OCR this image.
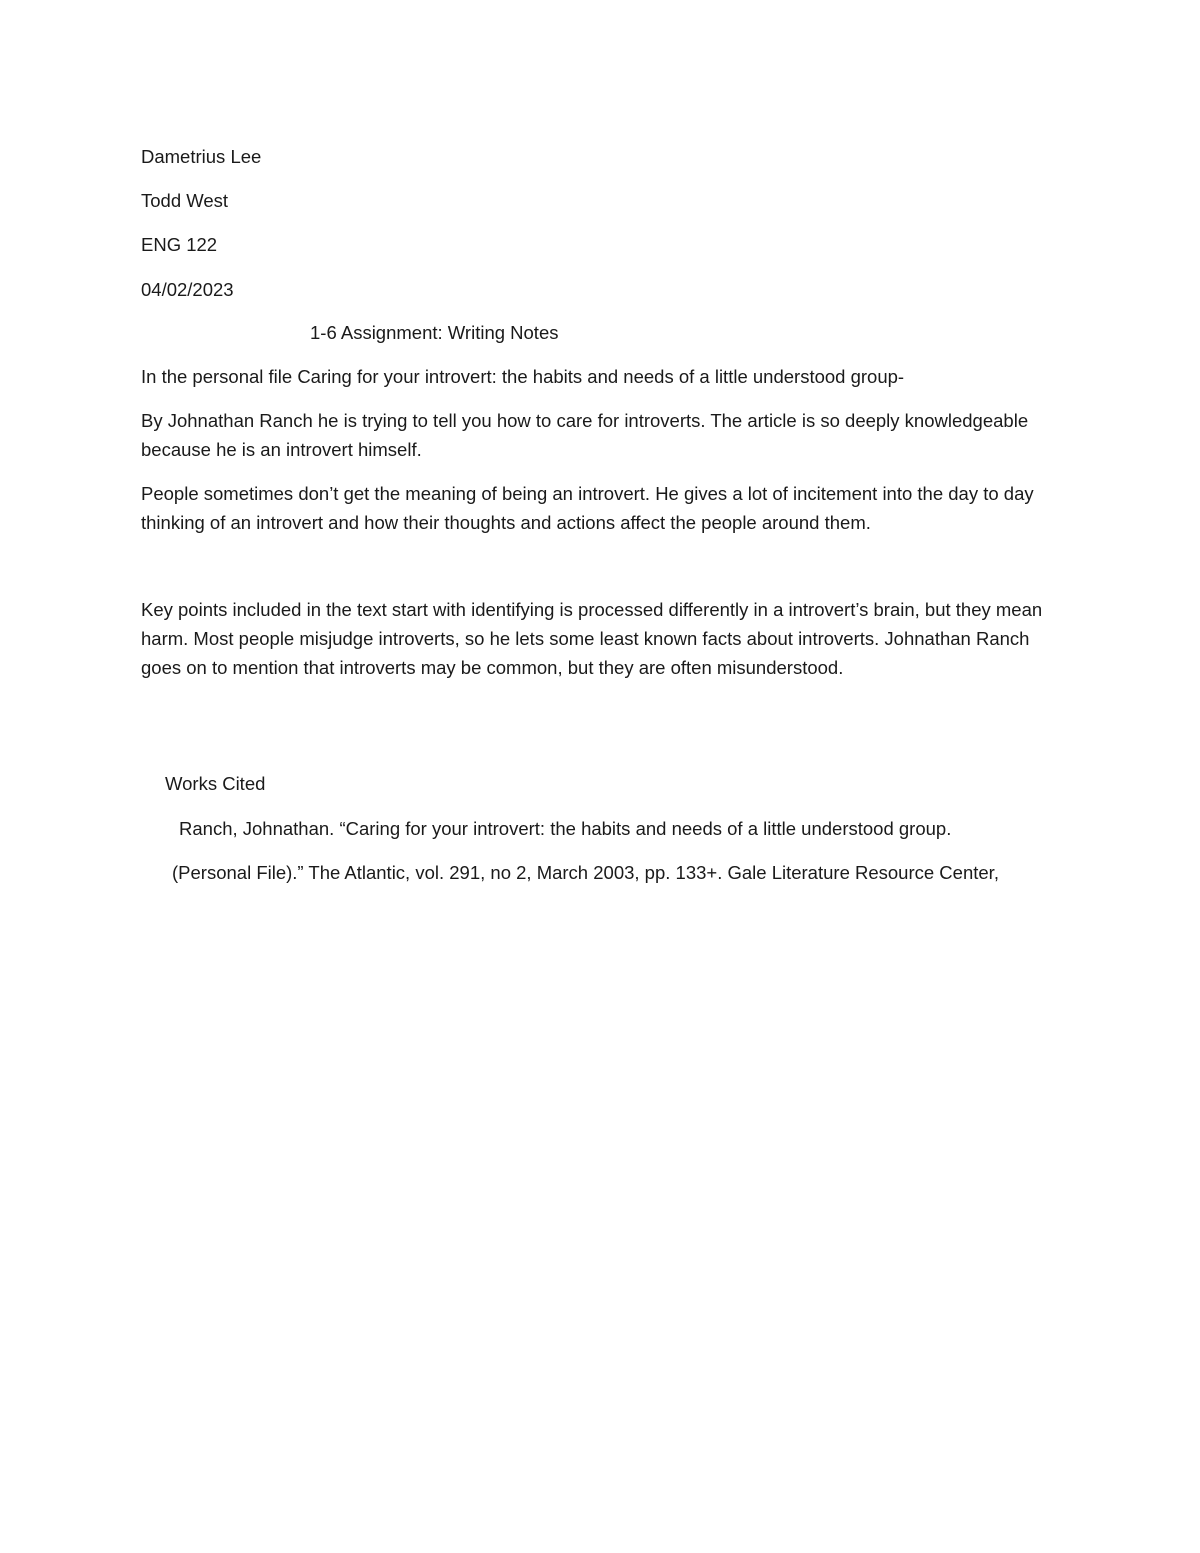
Dametrius Lee
Todd West
ENG 122
04/02/2023
1-6 Assignment: Writing Notes
In the personal file Caring for your introvert: the habits and needs of a little understood group-

By Johnathan Ranch he is trying to tell you how to care for introverts. The article is so deeply knowledgeable because he is an introvert himself.

People sometimes don’t get the meaning of being an introvert. He gives a lot of incitement into the day to day thinking of an introvert and how their thoughts and actions affect the people around them.

Key points included in the text start with identifying is processed differently in a introvert’s brain, but they mean harm. Most people misjudge introverts, so he lets some least known facts about introverts. Johnathan Ranch goes on to mention that introverts may be common, but they are often misunderstood.

Works Cited
Ranch, Johnathan. “Caring for your introvert: the habits and needs of a little understood group.
(Personal File).” The Atlantic, vol. 291, no 2, March 2003, pp. 133+. Gale Literature Resource Center,
